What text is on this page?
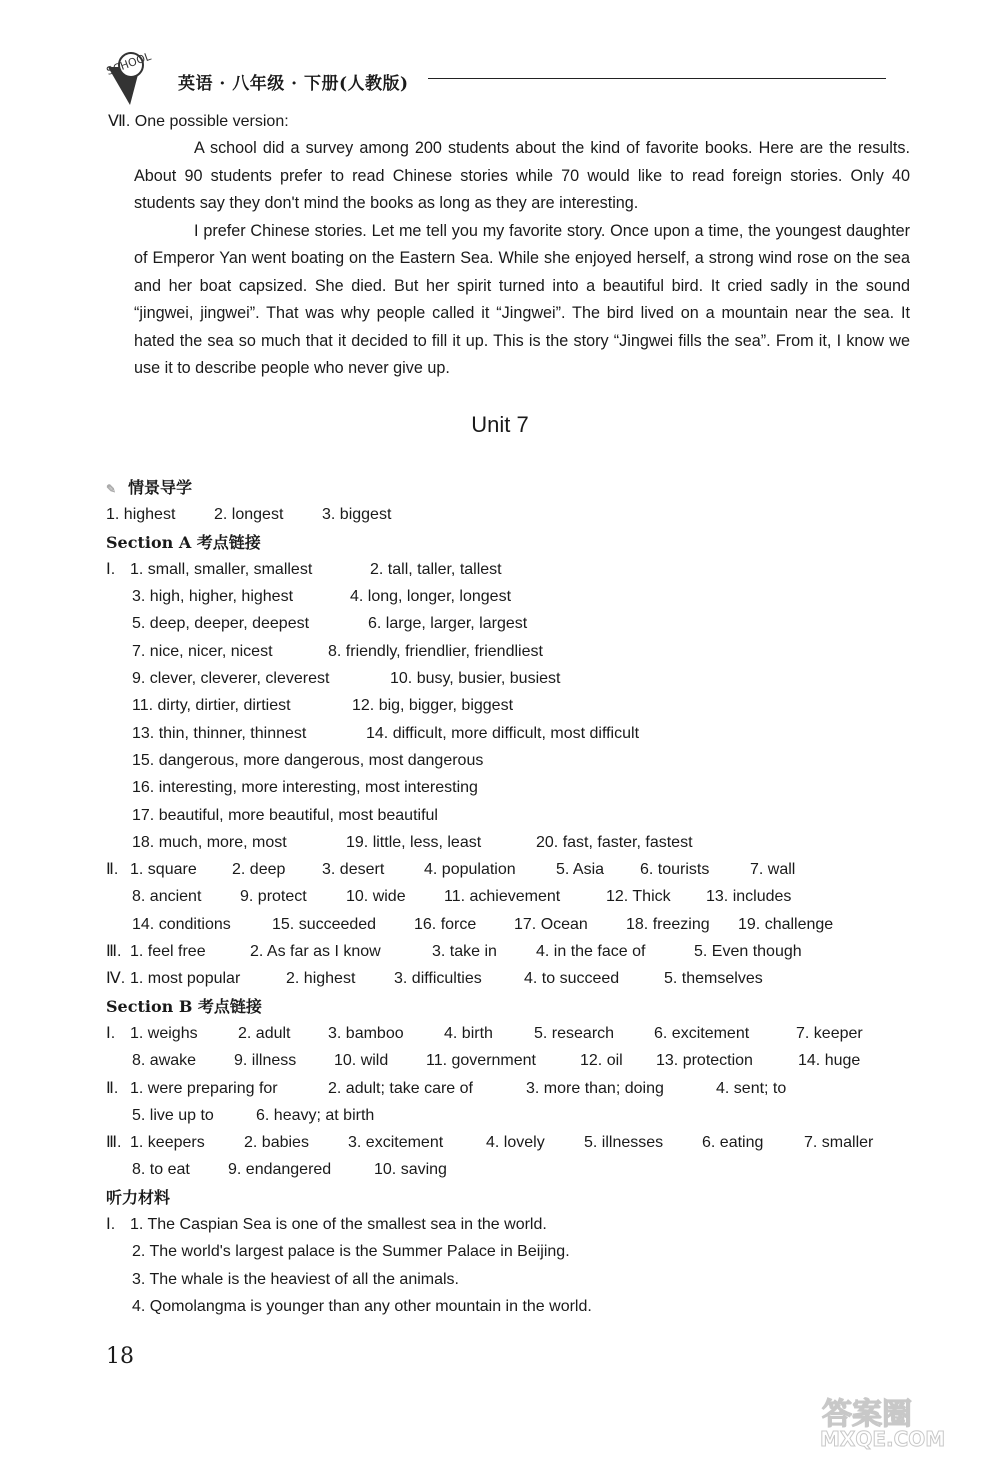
SCHOOL
英语 · 八年级 · 下册(人教版)
Ⅶ. One possible version:

A school did a survey among 200 students about the kind of favorite books. Here are the results. About 90 students prefer to read Chinese stories while 70 would like to read foreign stories. Only 40 students say they don't mind the books as long as they are interesting.

I prefer Chinese stories. Let me tell you my favorite story. Once upon a time, the youngest daughter of Emperor Yan went boating on the Eastern Sea. While she enjoyed herself, a strong wind rose on the sea and her boat capsized. She died. But her spirit turned into a beautiful bird. It cried sadly in the sound “jingwei, jingwei”. That was why people called it “Jingwei”. The bird lived on a mountain near the sea. It hated the sea so much that it decided to fill it up. This is the story “Jingwei fills the sea”. From it, I know we use it to describe people who never give up.

Unit 7
✎ 情景导学
1. highest 2. longest 3. biggest
Section A 考点链接
Ⅰ. 1. small, smaller, smallest	2. tall, taller, tallest
3. high, higher, highest	4. long, longer, longest
5. deep, deeper, deepest	6. large, larger, largest
7. nice, nicer, nicest	8. friendly, friendlier, friendliest
9. clever, cleverer, cleverest	10. busy, busier, busiest
11. dirty, dirtier, dirtiest	12. big, bigger, biggest
13. thin, thinner, thinnest	14. difficult, more difficult, most difficult
15. dangerous, more dangerous, most dangerous
16. interesting, more interesting, most interesting
17. beautiful, more beautiful, most beautiful
18. much, more, most	19. little, less, least	20. fast, faster, fastest
Ⅱ. 1. square 2. deep 3. desert 4. population	5. Asia 6. tourists	7. wall
8. ancient 9. protect 10. wide 11. achievement	12. Thick 13. includes
14. conditions	15. succeeded 16. force 17. Ocean 18. freezing 19. challenge
Ⅲ. 1. feel free	2. As far as I know	3. take in 4. in the face of	5. Even though
Ⅳ. 1. most popular	2. highest 3. difficulties	4. to succeed	5. themselves
Section B 考点链接
Ⅰ. 1. weighs	2. adult 3. bamboo	4. birth	5. research 6. excitement	7. keeper
8. awake 9. illness 10. wild 11. government	12. oil 13. protection	14. huge
Ⅱ. 1. were preparing for	2. adult; take care of	3. more than; doing	4. sent; to
5. live up to	6. heavy; at birth
Ⅲ. 1. keepers 2. babies 3. excitement	4. lovely 5. illnesses 6. eating	7. smaller
8. to eat 9. endangered	10. saving
听力材料
Ⅰ. 1. The Caspian Sea is one of the smallest sea in the world.
2. The world's largest palace is the Summer Palace in Beijing.
3. The whale is the heaviest of all the animals.
4. Qomolangma is younger than any other mountain in the world.
18
答案圈
MXQE.COM
